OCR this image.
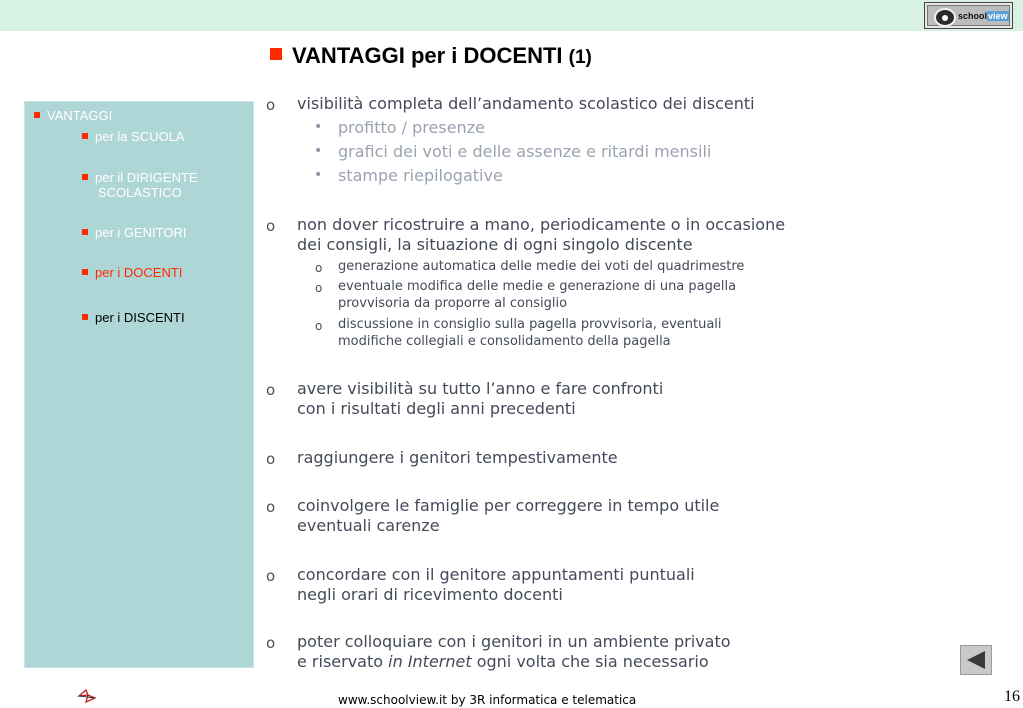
schoolview
VANTAGGI per i DOCENTI (1)
VANTAGGI
per la SCUOLA
per il DIRIGENTE
SCOLASTICO
per i GENITORI
per i DOCENTI
per i DISCENTI
o visibilità completa dell’andamento scolastico dei discenti
• profitto / presenze
• grafici dei voti e delle assenze e ritardi mensili
• stampe riepilogative
o non dover ricostruire a mano, periodicamente o in occasione
dei consigli, la situazione di ogni singolo discente
o generazione automatica delle medie dei voti del quadrimestre
o eventuale modifica delle medie e generazione di una pagella
provvisoria da proporre al consiglio
o discussione in consiglio sulla pagella provvisoria, eventuali
modifiche collegiali e consolidamento della pagella
o avere visibilità su tutto l’anno e fare confronti
con i risultati degli anni precedenti
o raggiungere i genitori tempestivamente
o coinvolgere le famiglie per correggere in tempo utile
eventuali carenze
o concordare con il genitore appuntamenti puntuali
negli orari di ricevimento docenti
o poter colloquiare con i genitori in un ambiente privato
e riservato in Internet ogni volta che sia necessario
www.schoolview.it by 3R informatica e telematica	16
